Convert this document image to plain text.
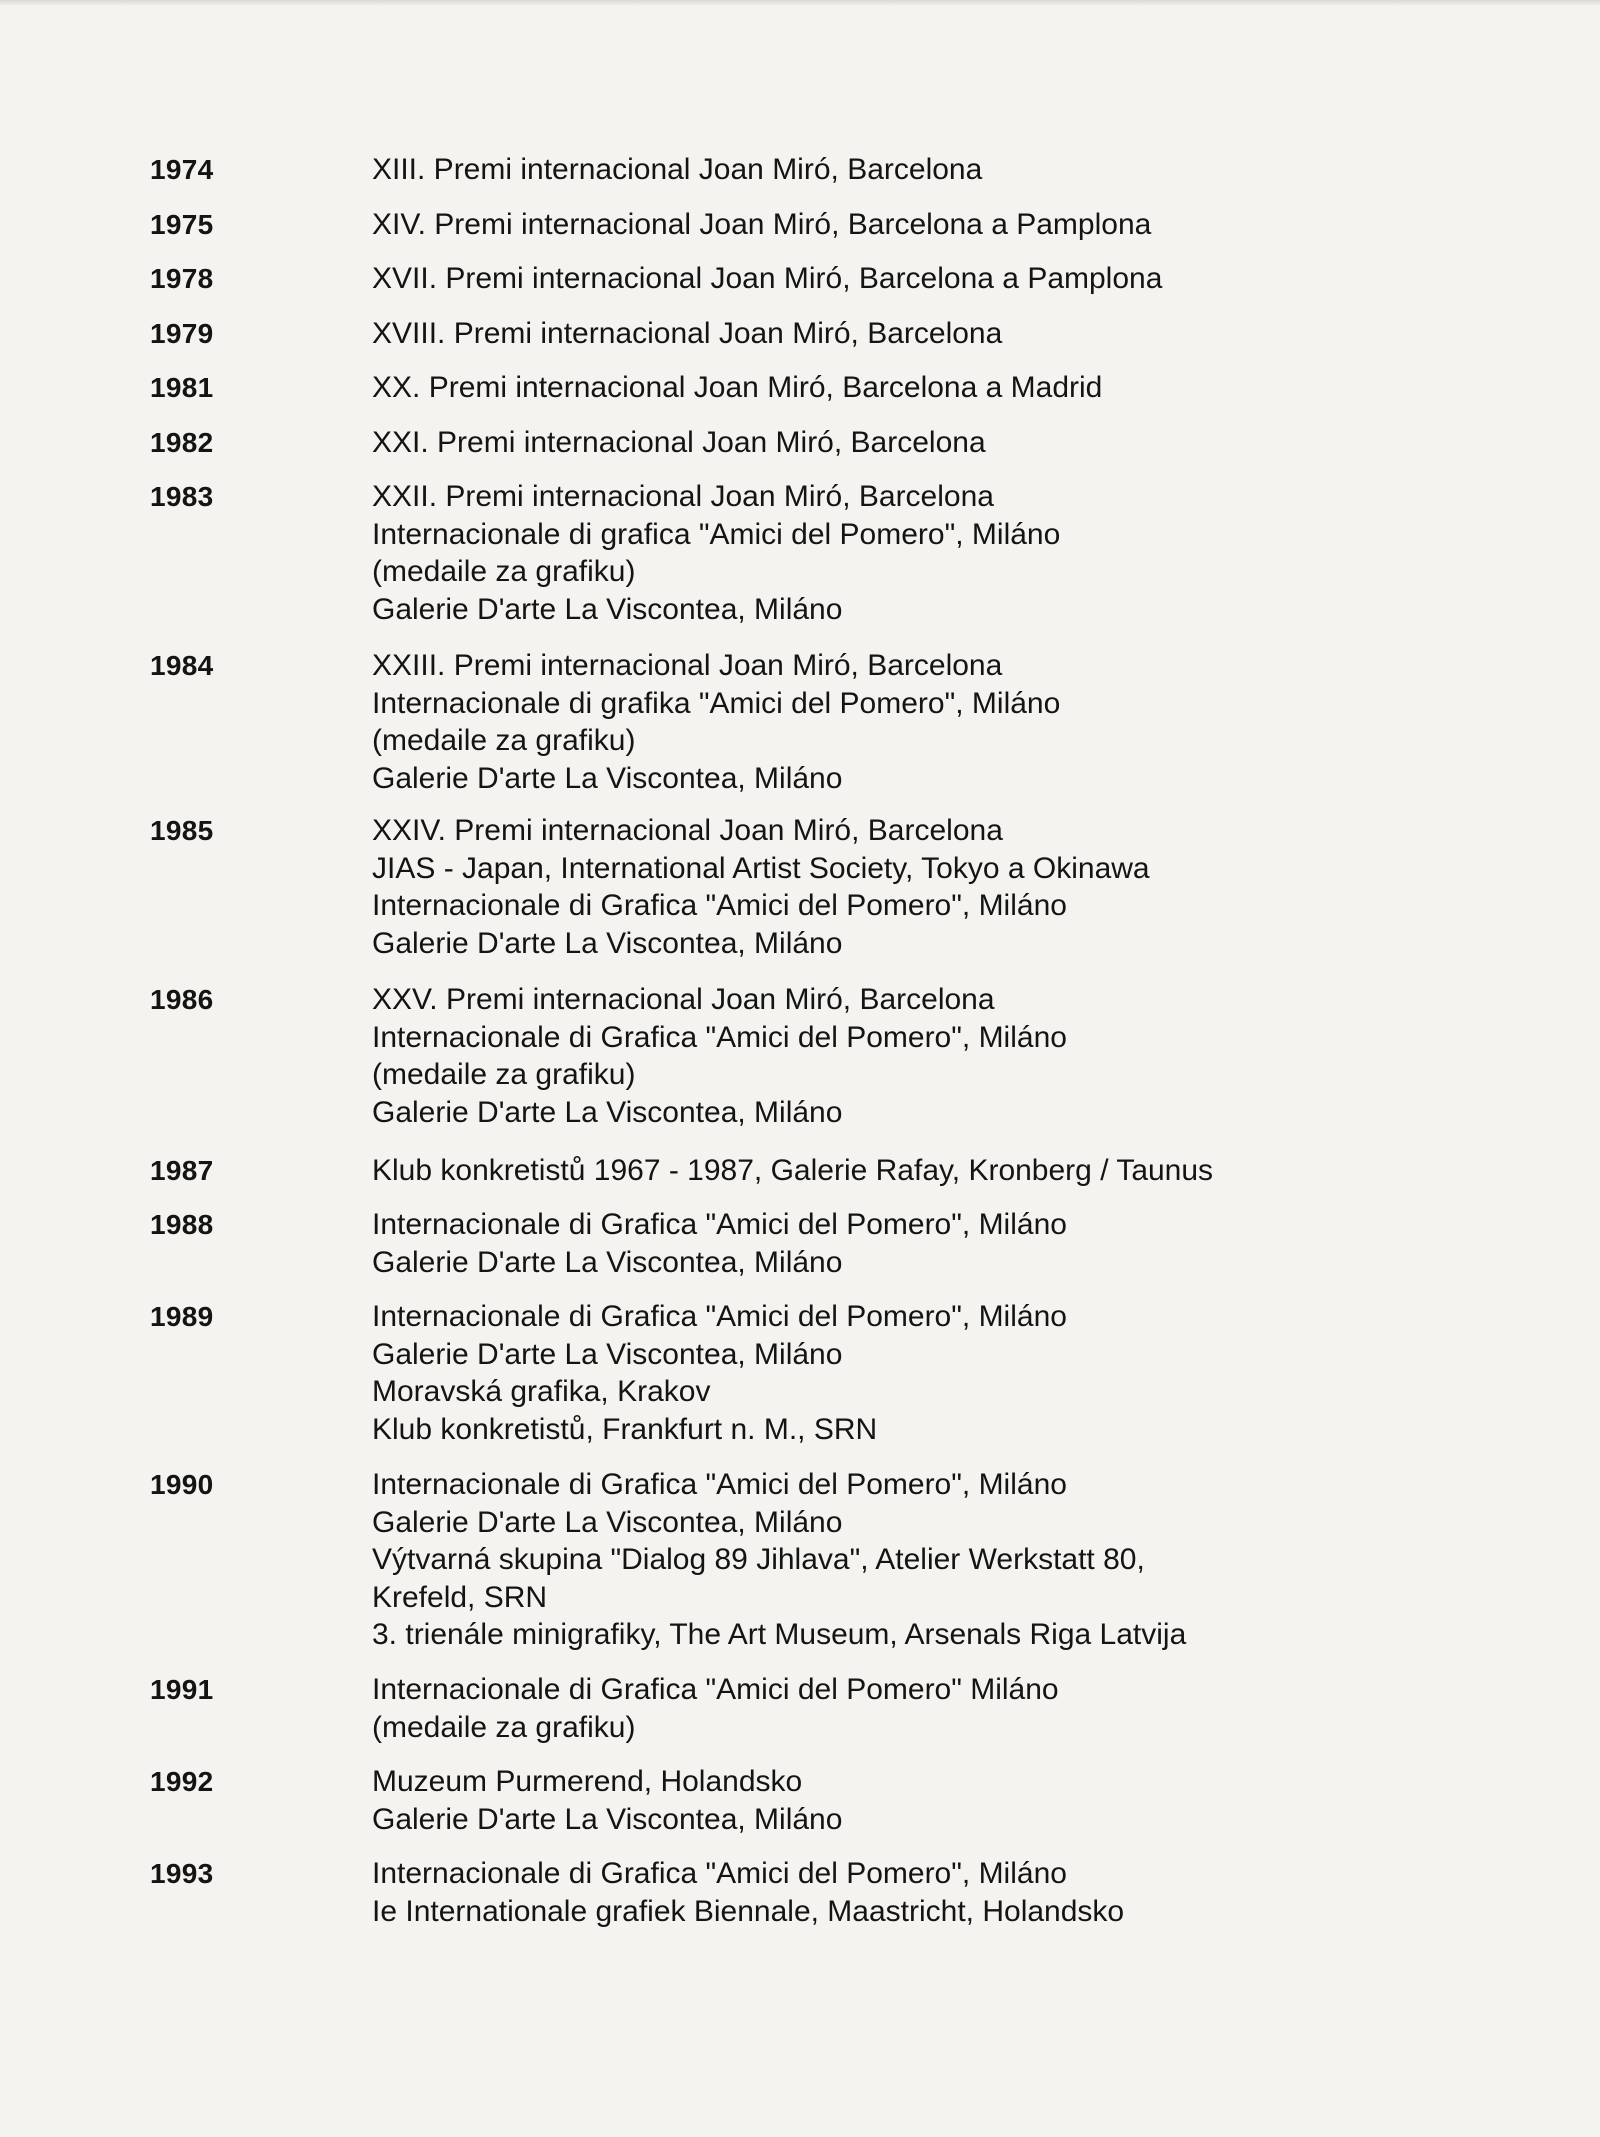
1974	XIII. Premi internacional Joan Miró, Barcelona
1975	XIV. Premi internacional Joan Miró, Barcelona a Pamplona
1978	XVII. Premi internacional Joan Miró, Barcelona a Pamplona
1979	XVIII. Premi internacional Joan Miró, Barcelona
1981	XX. Premi internacional Joan Miró, Barcelona a Madrid
1982	XXI. Premi internacional Joan Miró, Barcelona
1983	XXII. Premi internacional Joan Miró, Barcelona
Internacionale di grafica "Amici del Pomero", Miláno
(medaile za grafiku)
Galerie D'arte La Viscontea, Miláno
1984	XXIII. Premi internacional Joan Miró, Barcelona
Internacionale di grafika "Amici del Pomero", Miláno
(medaile za grafiku)
Galerie D'arte La Viscontea, Miláno
1985	XXIV. Premi internacional Joan Miró, Barcelona
JIAS - Japan, International Artist Society, Tokyo a Okinawa
Internacionale di Grafica "Amici del Pomero", Miláno
Galerie D'arte La Viscontea, Miláno
1986	XXV. Premi internacional Joan Miró, Barcelona
Internacionale di Grafica "Amici del Pomero", Miláno
(medaile za grafiku)
Galerie D'arte La Viscontea, Miláno
1987	Klub konkretistů 1967 - 1987, Galerie Rafay, Kronberg / Taunus
1988	Internacionale di Grafica "Amici del Pomero", Miláno
Galerie D'arte La Viscontea, Miláno
1989	Internacionale di Grafica "Amici del Pomero", Miláno
Galerie D'arte La Viscontea, Miláno
Moravská grafika, Krakov
Klub konkretistů, Frankfurt n. M., SRN
1990	Internacionale di Grafica "Amici del Pomero", Miláno
Galerie D'arte La Viscontea, Miláno
Výtvarná skupina "Dialog 89 Jihlava", Atelier Werkstatt 80,
Krefeld, SRN
3. trienále minigrafiky, The Art Museum, Arsenals Riga Latvija
1991	Internacionale di Grafica "Amici del Pomero" Miláno
(medaile za grafiku)
1992	Muzeum Purmerend, Holandsko
Galerie D'arte La Viscontea, Miláno
1993	Internacionale di Grafica "Amici del Pomero", Miláno
Ie Internationale grafiek Biennale, Maastricht, Holandsko
